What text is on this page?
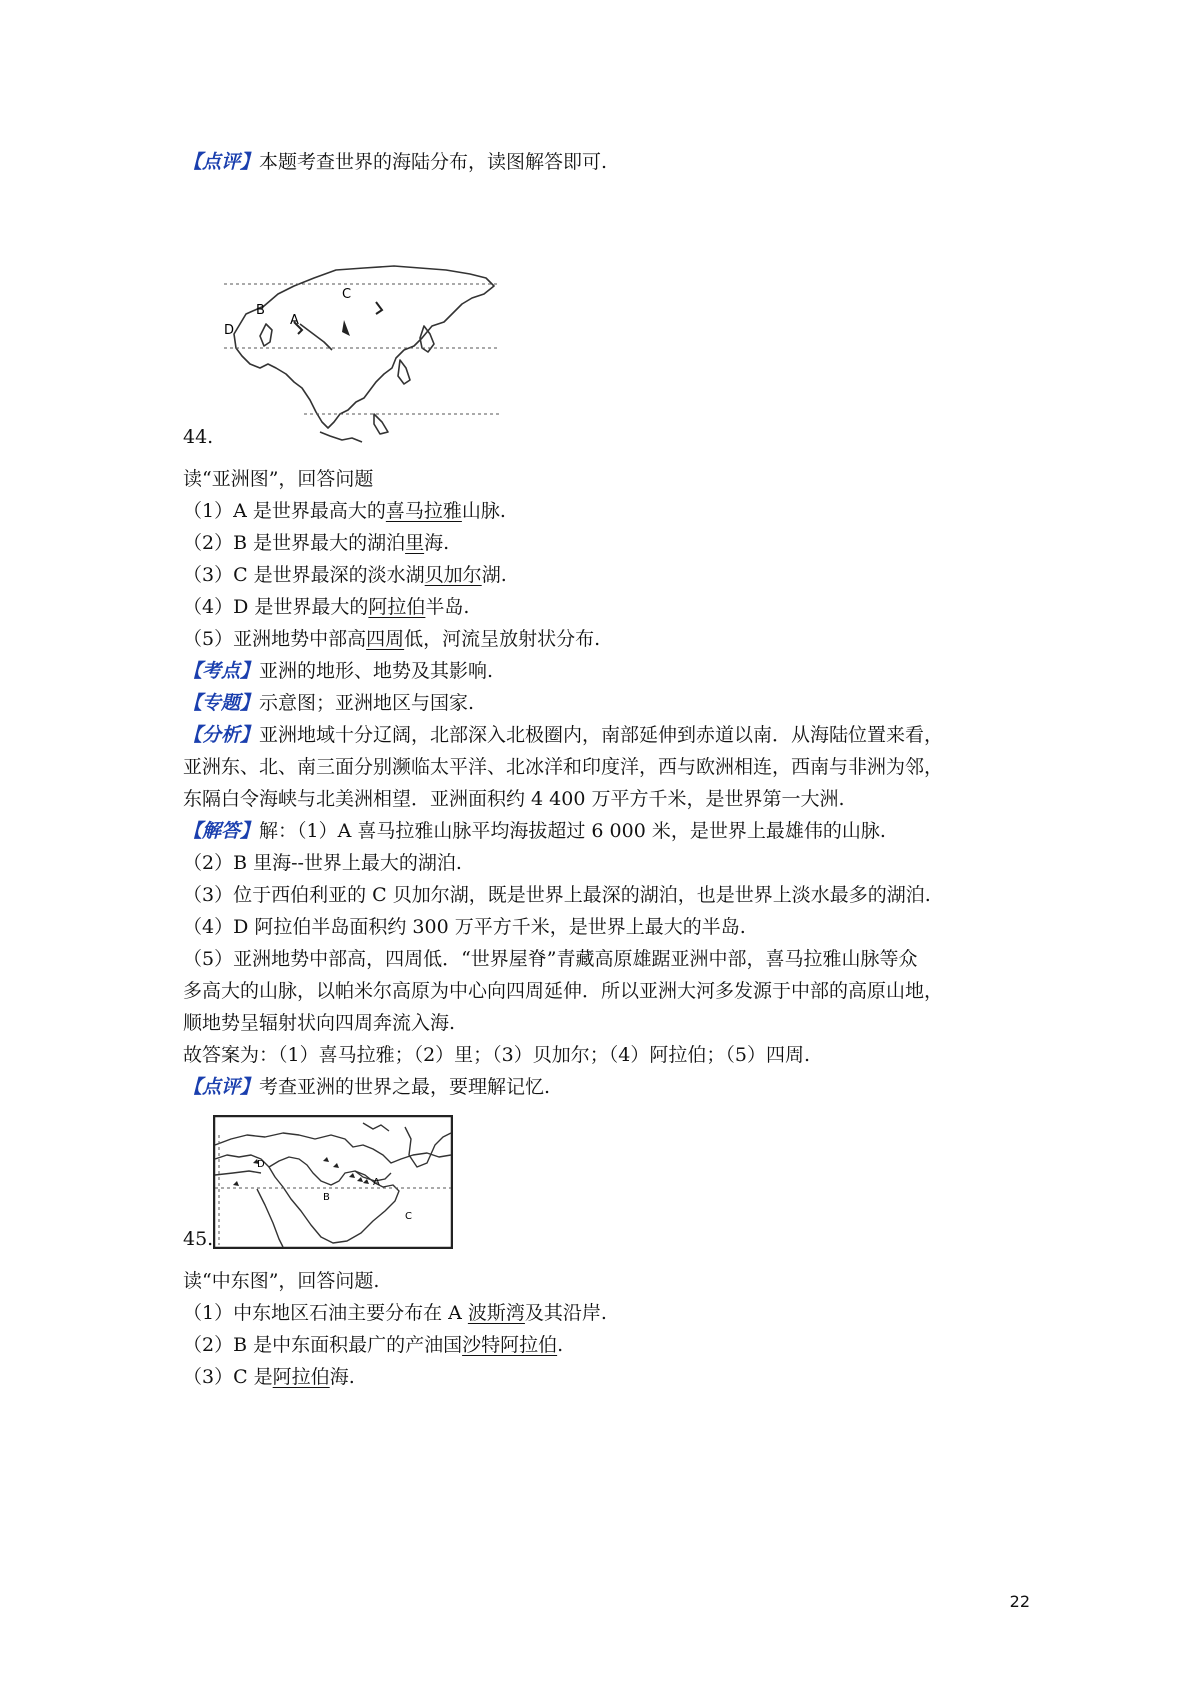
【点评】本题考查世界的海陆分布，读图解答即可.
B
A
C
D
44.
读“亚洲图”，回答问题
（1）A 是世界最高大的喜马拉雅山脉.
（2）B 是世界最大的湖泊里海.
（3）C 是世界最深的淡水湖贝加尔湖.
（4）D 是世界最大的阿拉伯半岛.
（5）亚洲地势中部高四周低，河流呈放射状分布.
【考点】亚洲的地形、地势及其影响.
【专题】示意图；亚洲地区与国家.
【分析】亚洲地域十分辽阔，北部深入北极圈内，南部延伸到赤道以南．从海陆位置来看，
亚洲东、北、南三面分别濒临太平洋、北冰洋和印度洋，西与欧洲相连，西南与非洲为邻，
东隔白令海峡与北美洲相望．亚洲面积约 4 400 万平方千米，是世界第一大洲.
【解答】解：（1）A 喜马拉雅山脉平均海拔超过 6 000 米，是世界上最雄伟的山脉.
（2）B 里海--世界上最大的湖泊.
（3）位于西伯利亚的 C 贝加尔湖，既是世界上最深的湖泊，也是世界上淡水最多的湖泊.
（4）D 阿拉伯半岛面积约 300 万平方千米，是世界上最大的半岛.
（5）亚洲地势中部高，四周低．“世界屋脊”青藏高原雄踞亚洲中部，喜马拉雅山脉等众
多高大的山脉，以帕米尔高原为中心向四周延伸．所以亚洲大河多发源于中部的高原山地，
顺地势呈辐射状向四周奔流入海.
故答案为：（1）喜马拉雅；（2）里；（3）贝加尔；（4）阿拉伯；（5）四周.
【点评】考查亚洲的世界之最，要理解记忆.
A
B
C
D
45.
读“中东图”，回答问题.
（1）中东地区石油主要分布在 A 波斯湾及其沿岸.
（2）B 是中东面积最广的产油国沙特阿拉伯.
（3）C 是阿拉伯海.
22
